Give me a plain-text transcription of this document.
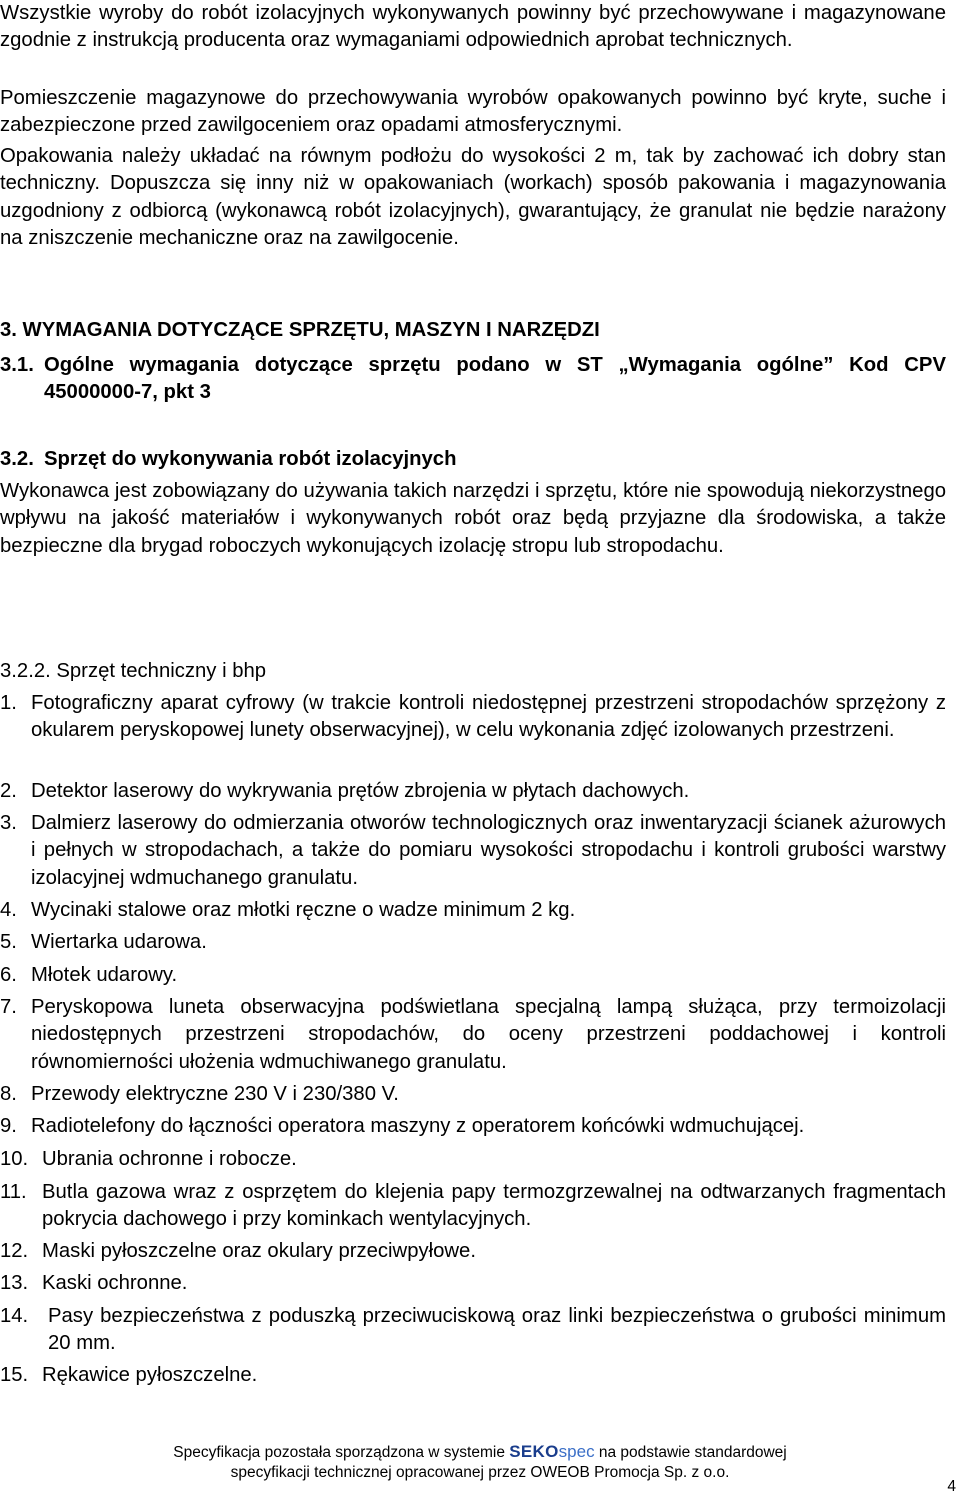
Wszystkie wyroby do robót izolacyjnych wykonywanych powinny być przechowywane i magazynowane zgodnie z instrukcją producenta oraz wymaganiami odpowiednich aprobat technicznych.
Pomieszczenie magazynowe do przechowywania wyrobów opakowanych powinno być kryte, suche i zabezpieczone przed zawilgoceniem oraz opadami atmosferycznymi.
Opakowania należy układać na równym podłożu do wysokości 2 m, tak by zachować ich dobry stan techniczny. Dopuszcza się inny niż w opakowaniach (workach) sposób pakowania i magazynowania uzgodniony z odbiorcą (wykonawcą robót izolacyjnych), gwarantujący, że granulat nie będzie narażony na zniszczenie mechaniczne oraz na zawilgocenie.
3. WYMAGANIA DOTYCZĄCE SPRZĘTU, MASZYN I NARZĘDZI
3.1. Ogólne wymagania dotyczące sprzętu podano w ST „Wymagania ogólne” Kod CPV 45000000-7, pkt 3
3.2. Sprzęt do wykonywania robót izolacyjnych
Wykonawca jest zobowiązany do używania takich narzędzi i sprzętu, które nie spowodują niekorzystnego wpływu na jakość materiałów i wykonywanych robót oraz będą przyjazne dla środowiska, a także bezpieczne dla brygad roboczych wykonujących izolację stropu lub stropodachu.
3.2.2. Sprzęt techniczny i bhp
1. Fotograficzny aparat cyfrowy (w trakcie kontroli niedostępnej przestrzeni stropodachów sprzężony z okularem peryskopowej lunety obserwacyjnej), w celu wykonania zdjęć izolowanych przestrzeni.
2. Detektor laserowy do wykrywania prętów zbrojenia w płytach dachowych.
3. Dalmierz laserowy do odmierzania otworów technologicznych oraz inwentaryzacji ścianek ażurowych i pełnych w stropodachach, a także do pomiaru wysokości stropodachu i kontroli grubości warstwy izolacyjnej wdmuchanego granulatu.
4. Wycinaki stalowe oraz młotki ręczne o wadze minimum 2 kg.
5. Wiertarka udarowa.
6. Młotek udarowy.
7. Peryskopowa luneta obserwacyjna podświetlana specjalną lampą służąca, przy termoizolacji niedostępnych przestrzeni stropodachów, do oceny przestrzeni poddachowej i kontroli równomierności ułożenia wdmuchiwanego granulatu.
8. Przewody elektryczne 230 V i 230/380 V.
9. Radiotelefony do łączności operatora maszyny z operatorem końcówki wdmuchującej.
10. Ubrania ochronne i robocze.
11. Butla gazowa wraz z osprzętem do klejenia papy termozgrzewalnej na odtwarzanych fragmentach pokrycia dachowego i przy kominkach wentylacyjnych.
12. Maski pyłoszczelne oraz okulary przeciwpyłowe.
13. Kaski ochronne.
14. Pasy bezpieczeństwa z poduszką przeciwuciskową oraz linki bezpieczeństwa o grubości minimum 20 mm.
15. Rękawice pyłoszczelne.
Specyfikacja pozostała sporządzona w systemie SEKOspec na podstawie standardowej
specyfikacji technicznej opracowanej przez OWEOB Promocja Sp. z o.o.
4
